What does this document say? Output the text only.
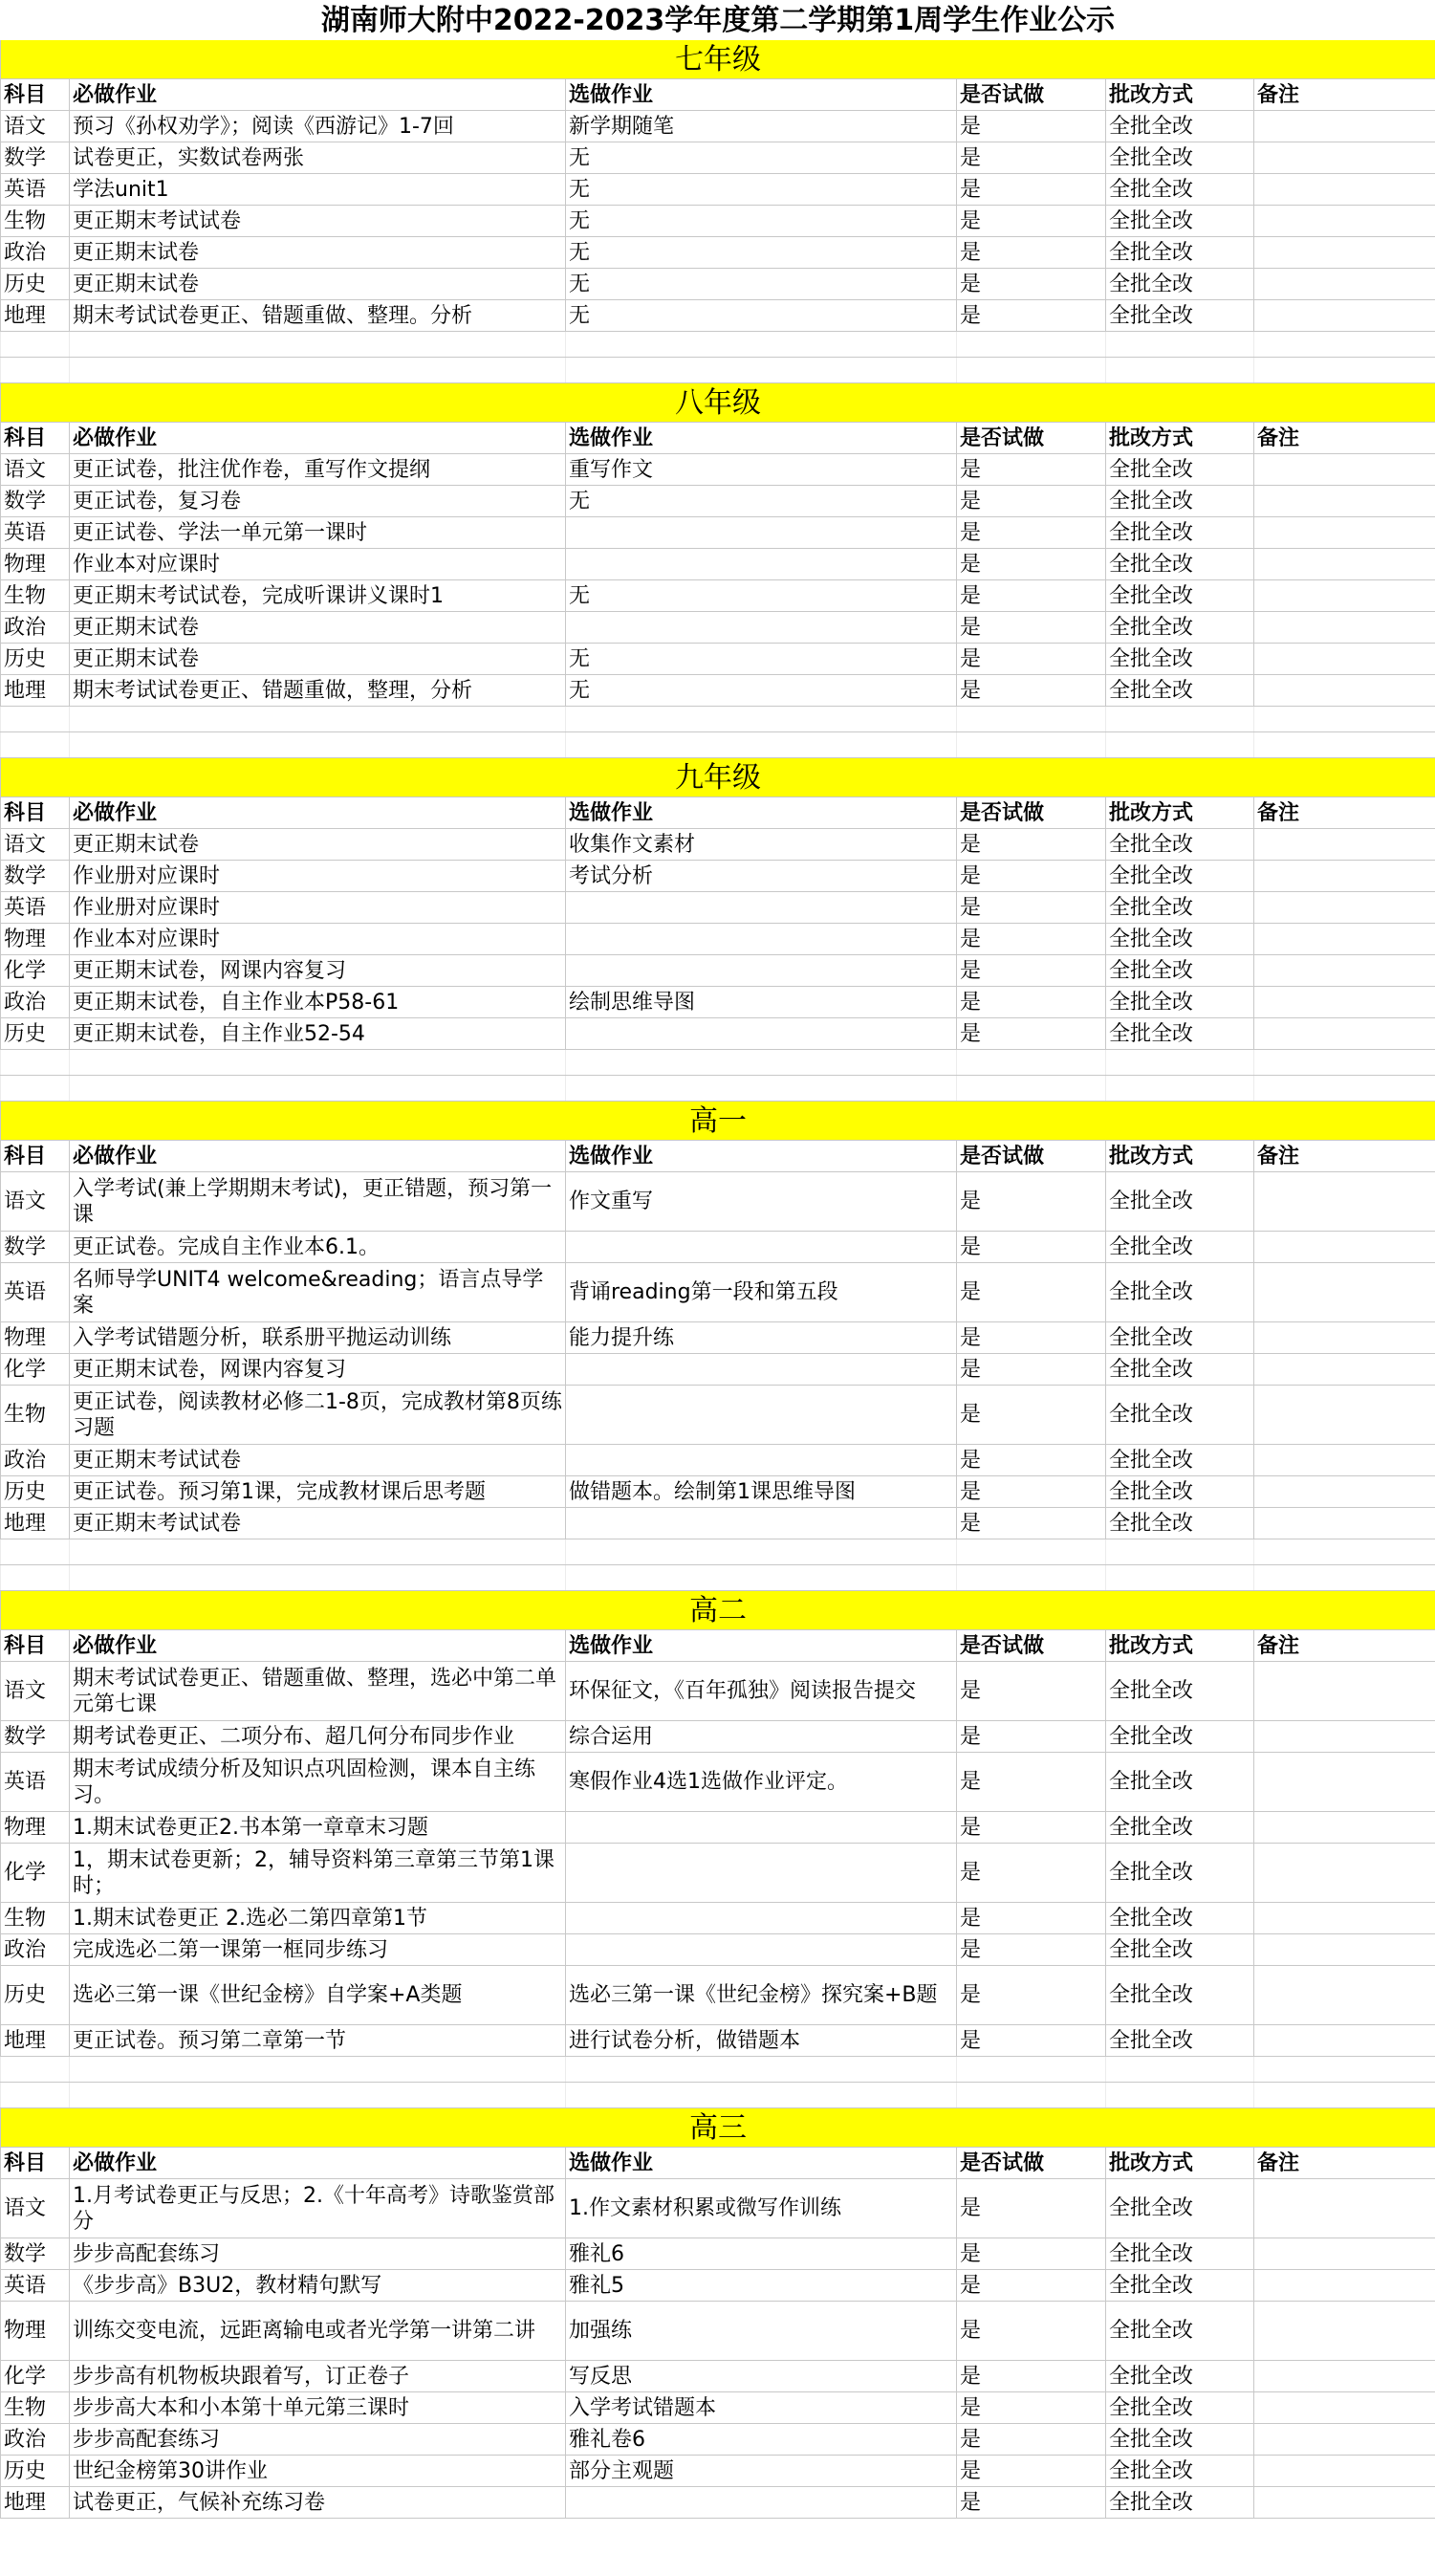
湖南师大附中2022-2023学年度第二学期第1周学生作业公示					
七年级					
科目	必做作业	选做作业	是否试做	批改方式	备注
语文	预习《孙权劝学》；阅读《西游记》1-7回	新学期随笔	是	全批全改	
数学	试卷更正，实数试卷两张	无	是	全批全改	
英语	学法unit1	无	是	全批全改	
生物	更正期末考试试卷	无	是	全批全改	
政治	更正期末试卷	无	是	全批全改	
历史	更正期末试卷	无	是	全批全改	
地理	期末考试试卷更正、错题重做、整理。分析	无	是	全批全改	

八年级					
科目	必做作业	选做作业	是否试做	批改方式	备注
语文	更正试卷，批注优作卷，重写作文提纲	重写作文	是	全批全改	
数学	更正试卷，复习卷	无	是	全批全改	
英语	更正试卷、学法一单元第一课时		是	全批全改	
物理	作业本对应课时		是	全批全改	
生物	更正期末考试试卷，完成听课讲义课时1	无	是	全批全改	
政治	更正期末试卷		是	全批全改	
历史	更正期末试卷	无	是	全批全改	
地理	期末考试试卷更正、错题重做，整理，分析	无	是	全批全改	

九年级					
科目	必做作业	选做作业	是否试做	批改方式	备注
语文	更正期末试卷	收集作文素材	是	全批全改	
数学	作业册对应课时	考试分析	是	全批全改	
英语	作业册对应课时		是	全批全改	
物理	作业本对应课时		是	全批全改	
化学	更正期末试卷，网课内容复习		是	全批全改	
政治	更正期末试卷，自主作业本P58-61	绘制思维导图	是	全批全改	
历史	更正期末试卷，自主作业52-54		是	全批全改	

高一					
科目	必做作业	选做作业	是否试做	批改方式	备注
语文	入学考试(兼上学期期末考试)，更正错题，预习第一课	作文重写	是	全批全改	
数学	更正试卷。完成自主作业本6.1。		是	全批全改	
英语	名师导学UNIT4 welcome&reading；语言点导学案	背诵reading第一段和第五段	是	全批全改	
物理	入学考试错题分析，联系册平抛运动训练	能力提升练	是	全批全改	
化学	更正期末试卷，网课内容复习		是	全批全改	
生物	更正试卷，阅读教材必修二1-8页，完成教材第8页练习题		是	全批全改	
政治	更正期末考试试卷		是	全批全改	
历史	更正试卷。预习第1课，完成教材课后思考题	做错题本。绘制第1课思维导图	是	全批全改	
地理	更正期末考试试卷		是	全批全改	

高二					
科目	必做作业	选做作业	是否试做	批改方式	备注
语文	期末考试试卷更正、错题重做、整理，选必中第二单元第七课	环保征文，《百年孤独》阅读报告提交	是	全批全改	
数学	期考试卷更正、二项分布、超几何分布同步作业	综合运用	是	全批全改	
英语	期末考试成绩分析及知识点巩固检测，课本自主练习。	寒假作业4选1选做作业评定。	是	全批全改	
物理	1.期末试卷更正2.书本第一章章末习题		是	全批全改	
化学	1，期末试卷更新；2，辅导资料第三章第三节第1课时；		是	全批全改	
生物	1.期末试卷更正 2.选必二第四章第1节		是	全批全改	
政治	完成选必二第一课第一框同步练习		是	全批全改	
历史	选必三第一课《世纪金榜》自学案+A类题	选必三第一课《世纪金榜》探究案+B题	是	全批全改	
地理	更正试卷。预习第二章第一节	进行试卷分析，做错题本	是	全批全改	

高三					
科目	必做作业	选做作业	是否试做	批改方式	备注
语文	1.月考试卷更正与反思；2.《十年高考》诗歌鉴赏部分	1.作文素材积累或微写作训练	是	全批全改	
数学	步步高配套练习	雅礼6	是	全批全改	
英语	《步步高》B3U2，教材精句默写	雅礼5	是	全批全改	
物理	训练交变电流，远距离输电或者光学第一讲第二讲	加强练	是	全批全改	
化学	步步高有机物板块跟着写，订正卷子	写反思	是	全批全改	
生物	步步高大本和小本第十单元第三课时	入学考试错题本	是	全批全改	
政治	步步高配套练习	雅礼卷6	是	全批全改	
历史	世纪金榜第30讲作业	部分主观题	是	全批全改	
地理	试卷更正，气候补充练习卷		是	全批全改	
